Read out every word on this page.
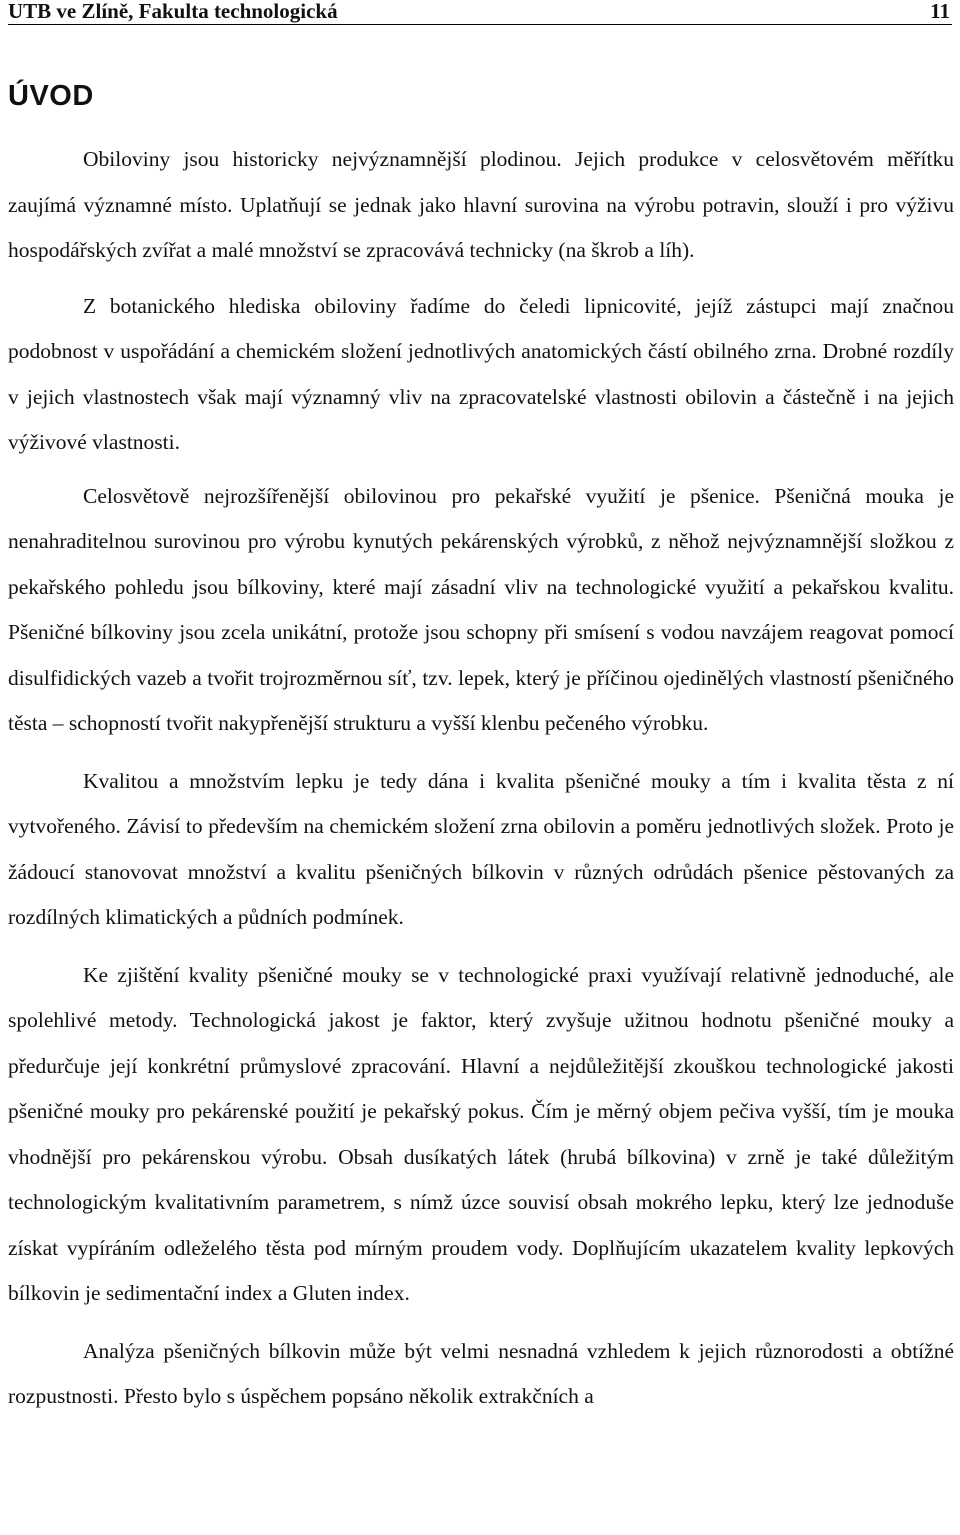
UTB ve Zlíně, Fakulta technologická	11
ÚVOD

Obiloviny jsou historicky nejvýznamnější plodinou. Jejich produkce v celosvětovém měřítku zaujímá významné místo. Uplatňují se jednak jako hlavní surovina na výrobu potravin, slouží i pro výživu hospodářských zvířat a malé množství se zpracovává technicky (na škrob a líh).

Z botanického hlediska obiloviny řadíme do čeledi lipnicovité, jejíž zástupci mají značnou podobnost v uspořádání a chemickém složení jednotlivých anatomických částí obilného zrna. Drobné rozdíly v jejich vlastnostech však mají významný vliv na zpracovatelské vlastnosti obilovin a částečně i na jejich výživové vlastnosti.

Celosvětově nejrozšířenější obilovinou pro pekařské využití je pšenice. Pšeničná mouka je nenahraditelnou surovinou pro výrobu kynutých pekárenských výrobků, z něhož nejvýznamnější složkou z pekařského pohledu jsou bílkoviny, které mají zásadní vliv na technologické využití a pekařskou kvalitu. Pšeničné bílkoviny jsou zcela unikátní, protože jsou schopny při smísení s vodou navzájem reagovat pomocí disulfidických vazeb a tvořit trojrozměrnou síť, tzv. lepek, který je příčinou ojedinělých vlastností pšeničného těsta – schopností tvořit nakypřenější strukturu a vyšší klenbu pečeného výrobku.

Kvalitou a množstvím lepku je tedy dána i kvalita pšeničné mouky a tím i kvalita těsta z ní vytvořeného. Závisí to především na chemickém složení zrna obilovin a poměru jednotlivých složek. Proto je žádoucí stanovovat množství a kvalitu pšeničných bílkovin v různých odrůdách pšenice pěstovaných za rozdílných klimatických a půdních podmínek.

Ke zjištění kvality pšeničné mouky se v technologické praxi využívají relativně jednoduché, ale spolehlivé metody. Technologická jakost je faktor, který zvyšuje užitnou hodnotu pšeničné mouky a předurčuje její konkrétní průmyslové zpracování. Hlavní a nejdůležitější zkouškou technologické jakosti pšeničné mouky pro pekárenské použití je pekařský pokus. Čím je měrný objem pečiva vyšší, tím je mouka vhodnější pro pekárenskou výrobu. Obsah dusíkatých látek (hrubá bílkovina) v zrně je také důležitým technologickým kvalitativním parametrem, s nímž úzce souvisí obsah mokrého lepku, který lze jednoduše získat vypíráním odleželého těsta pod mírným proudem vody. Doplňujícím ukazatelem kvality lepkových bílkovin je sedimentační index a Gluten index.

Analýza pšeničných bílkovin může být velmi nesnadná vzhledem k jejich různorodosti a obtížné rozpustnosti. Přesto bylo s úspěchem popsáno několik extrakčních a
